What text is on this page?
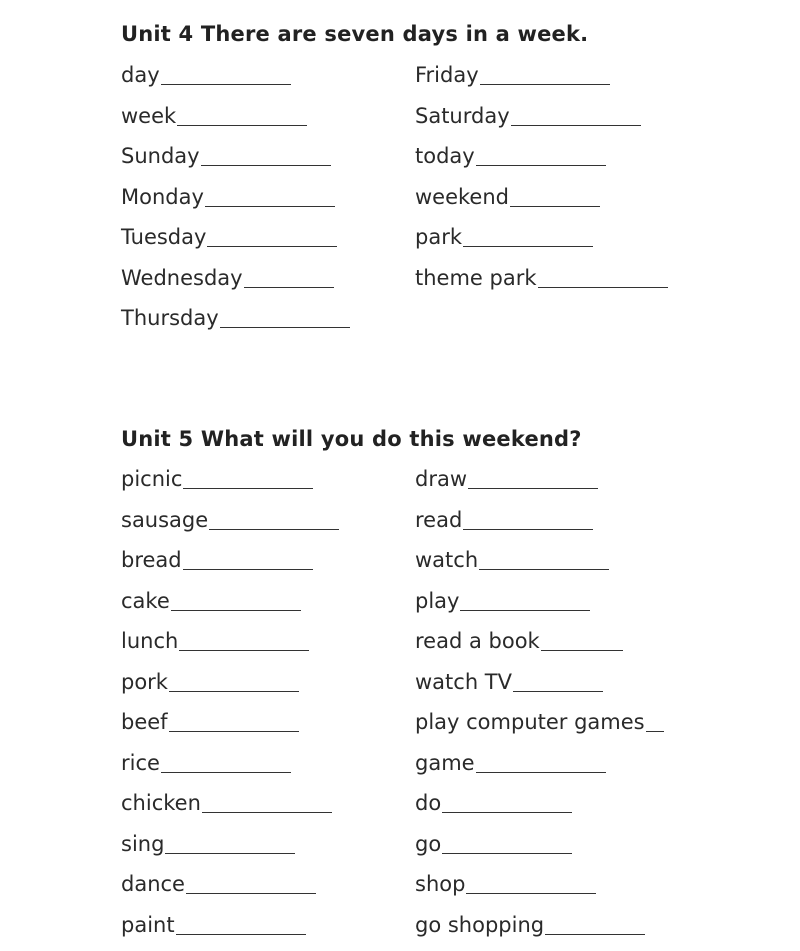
Unit 4 There are seven days in a week.
day	Friday
week	Saturday
Sunday	today
Monday	weekend
Tuesday	park
Wednesday	theme park
Thursday
Unit 5 What will you do this weekend?
picnic	draw
sausage	read
bread	watch
cake	play
lunch	read a book
pork	watch TV
beef	play computer games
rice	game
chicken	do
sing	go
dance	shop
paint	go shopping
